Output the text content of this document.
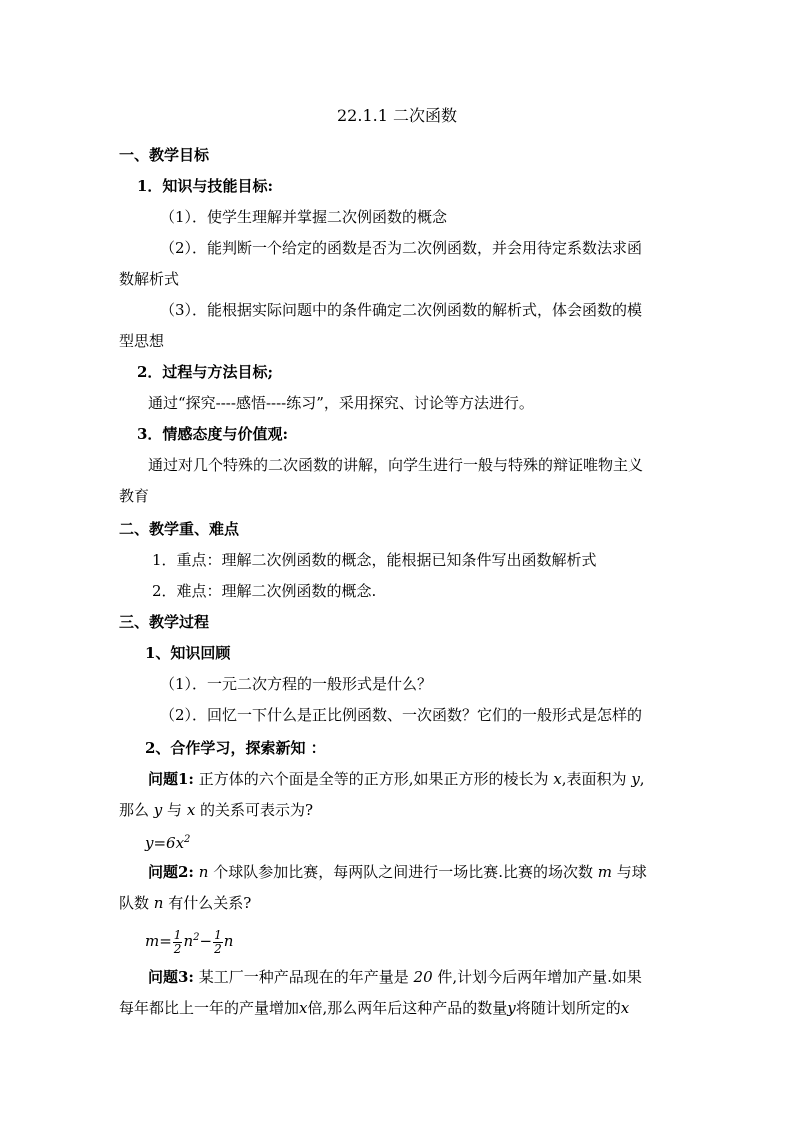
22.1.1 二次函数
一、教学目标
1．知识与技能目标:
（1）．使学生理解并掌握二次例函数的概念
（2）．能判断一个给定的函数是否为二次例函数，并会用待定系数法求函
数解析式
（3）．能根据实际问题中的条件确定二次例函数的解析式，体会函数的模
型思想
2．过程与方法目标;
通过“探究----感悟----练习”，采用探究、讨论等方法进行。
3．情感态度与价值观:
通过对几个特殊的二次函数的讲解，向学生进行一般与特殊的辩证唯物主义
教育
二、教学重、难点
1．重点：理解二次例函数的概念，能根据已知条件写出函数解析式
2．难点：理解二次例函数的概念.
三、教学过程
1、知识回顾
（1）．一元二次方程的一般形式是什么？
（2）．回忆一下什么是正比例函数、一次函数？它们的一般形式是怎样的
2、合作学习，探索新知 ：
问题1: 正方体的六个面是全等的正方形,如果正方形的棱长为 x,表面积为 y,
那么 y 与 x 的关系可表示为?
$y=6x^2$
问题2: n 个球队参加比赛，每两队之间进行一场比赛.比赛的场次数 m 与球
队数 n 有什么关系?
$m= \frac{1}{2} n^2- \frac{1}{2}$ n
问题3: 某工厂一种产品现在的年产量是 20 件,计划今后两年增加产量.如果
每年都比上一年的产量增加x倍,那么两年后这种产品的数量y将随计划所定的x
